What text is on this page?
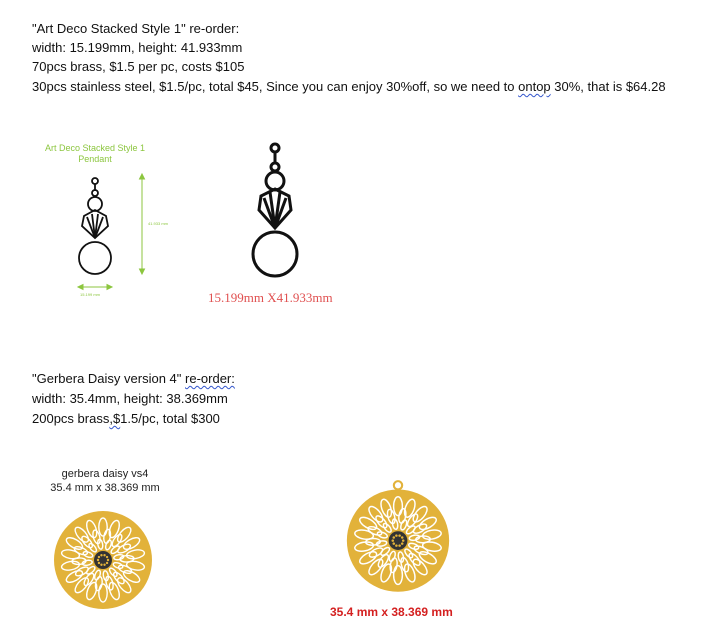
"Art Deco Stacked Style 1" re-order:
width: 15.199mm, height: 41.933mm
70pcs brass, $1.5 per pc, costs $105
30pcs stainless steel, $1.5/pc, total $45, Since you can enjoy 30%off, so we need to ontop 30%, that is $64.28
Art Deco Stacked Style 1
Pendant
41.933 mm
15.199 mm	15.199mm X41.933mm
"Gerbera Daisy version 4" re-order:
width: 35.4mm, height: 38.369mm
200pcs brass,$1.5/pc, total $300
gerbera daisy vs4
35.4 mm x 38.369 mm
35.4 mm x 38.369 mm
